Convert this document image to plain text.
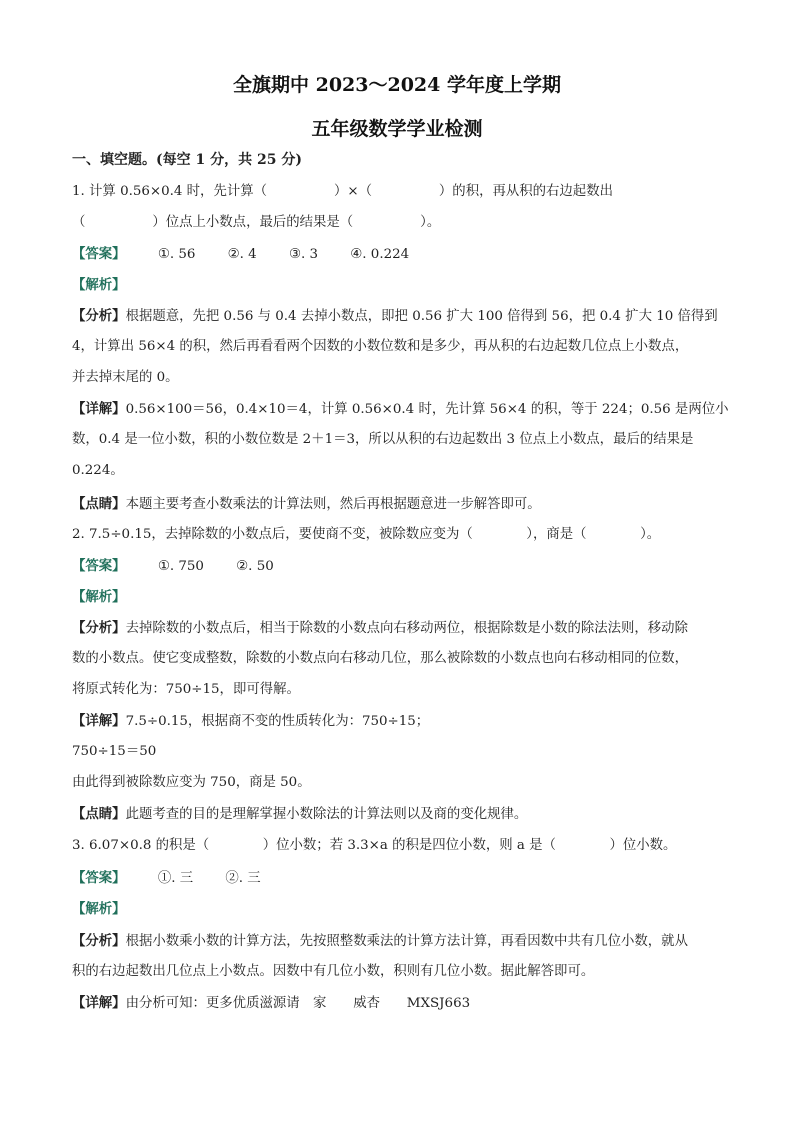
全旗期中 2023～2024 学年度上学期
五年级数学学业检测
一、填空题。(每空 1 分，共 25 分)
1. 计算 0.56×0.4 时，先计算（　　　　　）×（　　　　　）的积，再从积的右边起数出
（　　　　　）位点上小数点，最后的结果是（　　　　　）。
【答案】 ①. 56 ②. 4 ③. 3 ④. 0.224
【解析】
【分析】根据题意，先把 0.56 与 0.4 去掉小数点，即把 0.56 扩大 100 倍得到 56，把 0.4 扩大 10 倍得到
4，计算出 56×4 的积，然后再看看两个因数的小数位数和是多少，再从积的右边起数几位点上小数点，
并去掉末尾的 0。
【详解】0.56×100＝56，0.4×10＝4，计算 0.56×0.4 时，先计算 56×4 的积，等于 224；0.56 是两位小
数，0.4 是一位小数，积的小数位数是 2＋1＝3，所以从积的右边起数出 3 位点上小数点，最后的结果是
0.224。
【点睛】本题主要考查小数乘法的计算法则，然后再根据题意进一步解答即可。
2. 7.5÷0.15，去掉除数的小数点后，要使商不变，被除数应变为（　　　　），商是（　　　　）。
【答案】 ①. 750 ②. 50
【解析】
【分析】去掉除数的小数点后，相当于除数的小数点向右移动两位，根据除数是小数的除法法则，移动除
数的小数点。使它变成整数，除数的小数点向右移动几位，那么被除数的小数点也向右移动相同的位数，
将原式转化为：750÷15，即可得解。
【详解】7.5÷0.15，根据商不变的性质转化为：750÷15；
750÷15＝50
由此得到被除数应变为 750，商是 50。
【点睛】此题考查的目的是理解掌握小数除法的计算法则以及商的变化规律。
3. 6.07×0.8 的积是（　　　　）位小数；若 3.3×a 的积是四位小数，则 a 是（　　　　）位小数。
【答案】 ①. 三 ②. 三
【解析】
【分析】根据小数乘小数的计算方法，先按照整数乘法的计算方法计算，再看因数中共有几位小数，就从
积的右边起数出几位点上小数点。因数中有几位小数，积则有几位小数。据此解答即可。
【详解】由分析可知：更多优质滋源请　家　　威杏　　MXSJ663
